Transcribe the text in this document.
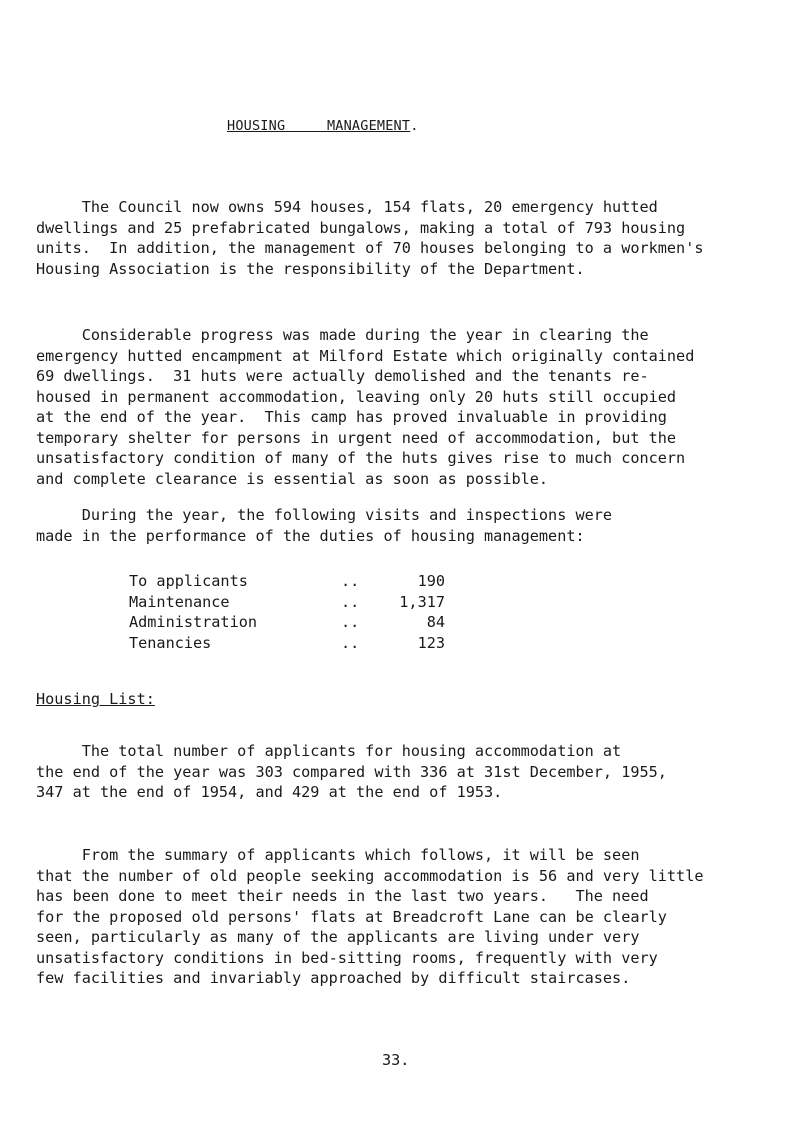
HOUSING	MANAGEMENT.

The Council now owns 594 houses, 154 flats, 20 emergency hutted
dwellings and 25 prefabricated bungalows, making a total of 793 housing
units.  In addition, the management of 70 houses belonging to a workmen's
Housing Association is the responsibility of the Department.

Considerable progress was made during the year in clearing the
emergency hutted encampment at Milford Estate which originally contained
69 dwellings.  31 huts were actually demolished and the tenants re-
housed in permanent accommodation, leaving only 20 huts still occupied
at the end of the year.  This camp has proved invaluable in providing
temporary shelter for persons in urgent need of accommodation, but the
unsatisfactory condition of many of the huts gives rise to much concern
and complete clearance is essential as soon as possible.

During the year, the following visits and inspections were
made in the performance of the duties of housing management:

To applicants	..	190
Maintenance	..	1,317
Administration	..	84
Tenancies	..	123
Housing List:

The total number of applicants for housing accommodation at
the end of the year was 303 compared with 336 at 31st December, 1955,
347 at the end of 1954, and 429 at the end of 1953.

From the summary of applicants which follows, it will be seen
that the number of old people seeking accommodation is 56 and very little
has been done to meet their needs in the last two years.   The need
for the proposed old persons' flats at Breadcroft Lane can be clearly
seen, particularly as many of the applicants are living under very
unsatisfactory conditions in bed-sitting rooms, frequently with very
few facilities and invariably approached by difficult staircases.

33.
